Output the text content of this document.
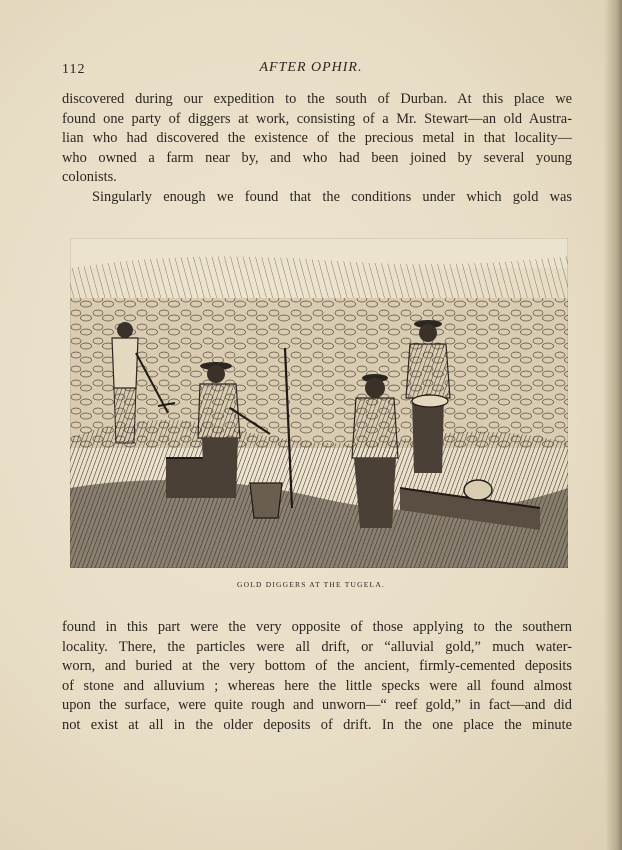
112	AFTER OPHIR.
discovered during our expedition to the south of Durban. At this place we
found one party of diggers at work, consisting of a Mr. Stewart—an old Austra-
lian who had discovered the existence of the precious metal in that locality—
who owned a farm near by, and who had been joined by several young
colonists.
Singularly enough we found that the conditions under which gold was
GOLD DIGGERS AT THE TUGELA.
found in this part were the very opposite of those applying to the southern
locality. There, the particles were all drift, or “alluvial gold,” much water-
worn, and buried at the very bottom of the ancient, firmly-cemented deposits
of stone and alluvium ; whereas here the little specks were all found almost
upon the surface, were quite rough and unworn—“ reef gold,” in fact—and did
not exist at all in the older deposits of drift. In the one place the minute
